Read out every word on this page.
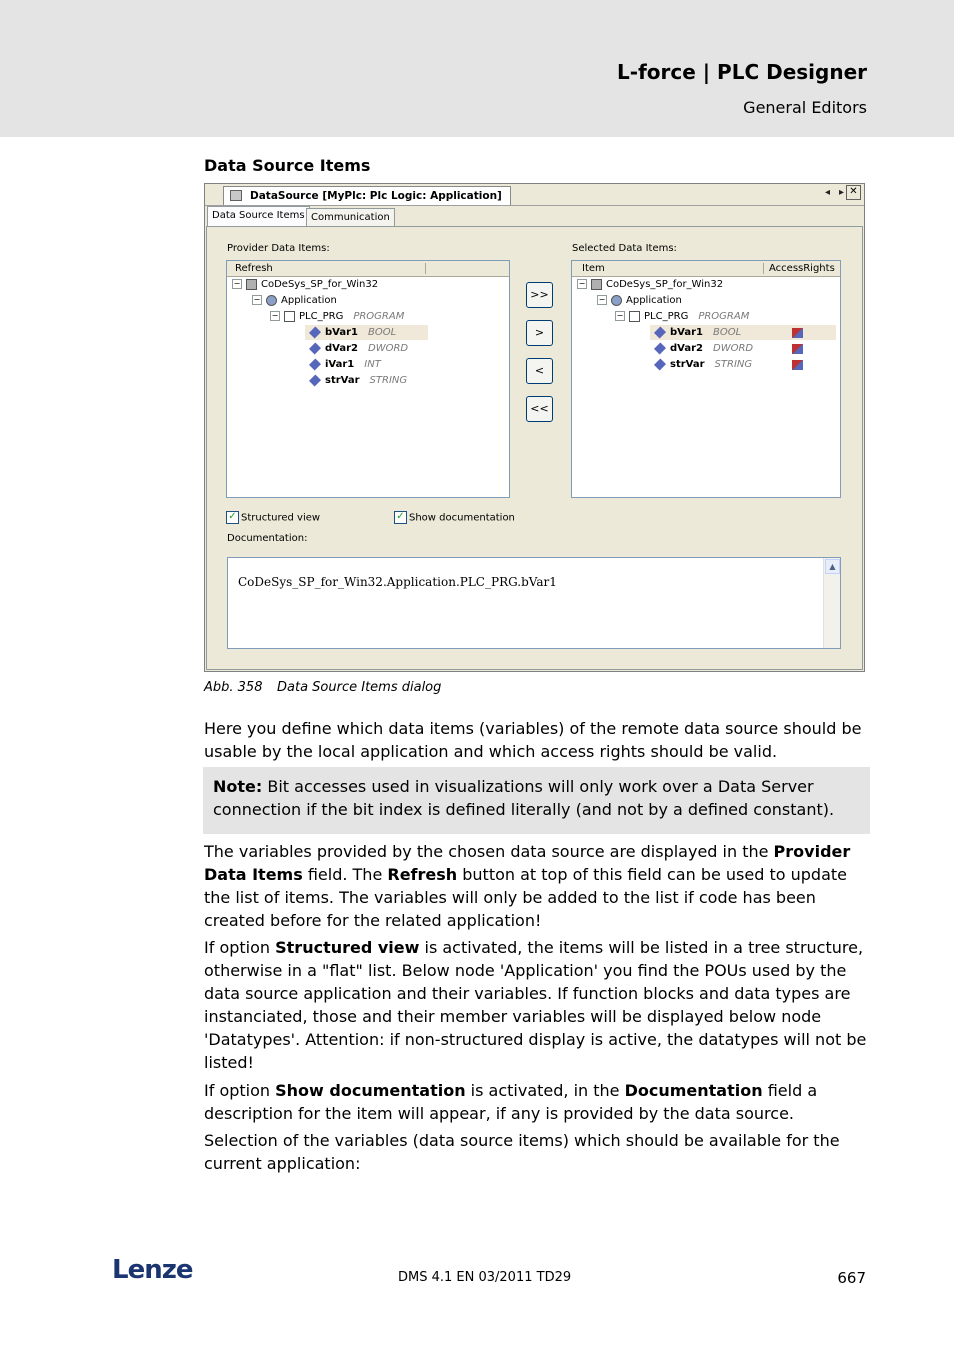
L-force | PLC Designer
General Editors
Data Source Items
DataSource [MyPlc: Plc Logic: Application]	◂ ▸ ✕
Data Source Items Communication
Provider Data Items:	Selected Data Items:
Refresh
− CoDeSys_SP_for_Win32
− Application
− PLC_PRG PROGRAM
bVar1 BOOL
dVar2 DWORD
iVar1 INT
strVar STRING
>>
>
<
<<
Item	AccessRights
− CoDeSys_SP_for_Win32
− Application
− PLC_PRG PROGRAM
bVar1 BOOL
dVar2 DWORD
strVar STRING
✓ Structured view	✓ Show documentation
Documentation:
CoDeSys_SP_for_Win32.Application.PLC_PRG.bVar1
▲
Abb. 358 Data Source Items dialog
Here you define which data items (variables) of the remote data source should be usable by the local application and which access rights should be valid.
Note: Bit accesses used in visualizations will only work over a Data Server connection if the bit index is defined literally (and not by a defined constant).
The variables provided by the chosen data source are displayed in the Provider Data Items field. The Refresh button at top of this field can be used to update the list of items. The variables will only be added to the list if code has been created before for the related application!
If option Structured view is activated, the items will be listed in a tree structure, otherwise in a "flat" list. Below node 'Application' you find the POUs used by the data source application and their variables. If function blocks and data types are instanciated, those and their member variables will be displayed below node 'Datatypes'. Attention: if non-structured display is active, the datatypes will not be listed!
If option Show documentation is activated, in the Documentation field a description for the item will appear, if any is provided by the data source.
Selection of the variables (data source items) which should be available for the current application:
Lenze	DMS 4.1 EN 03/2011 TD29	667
